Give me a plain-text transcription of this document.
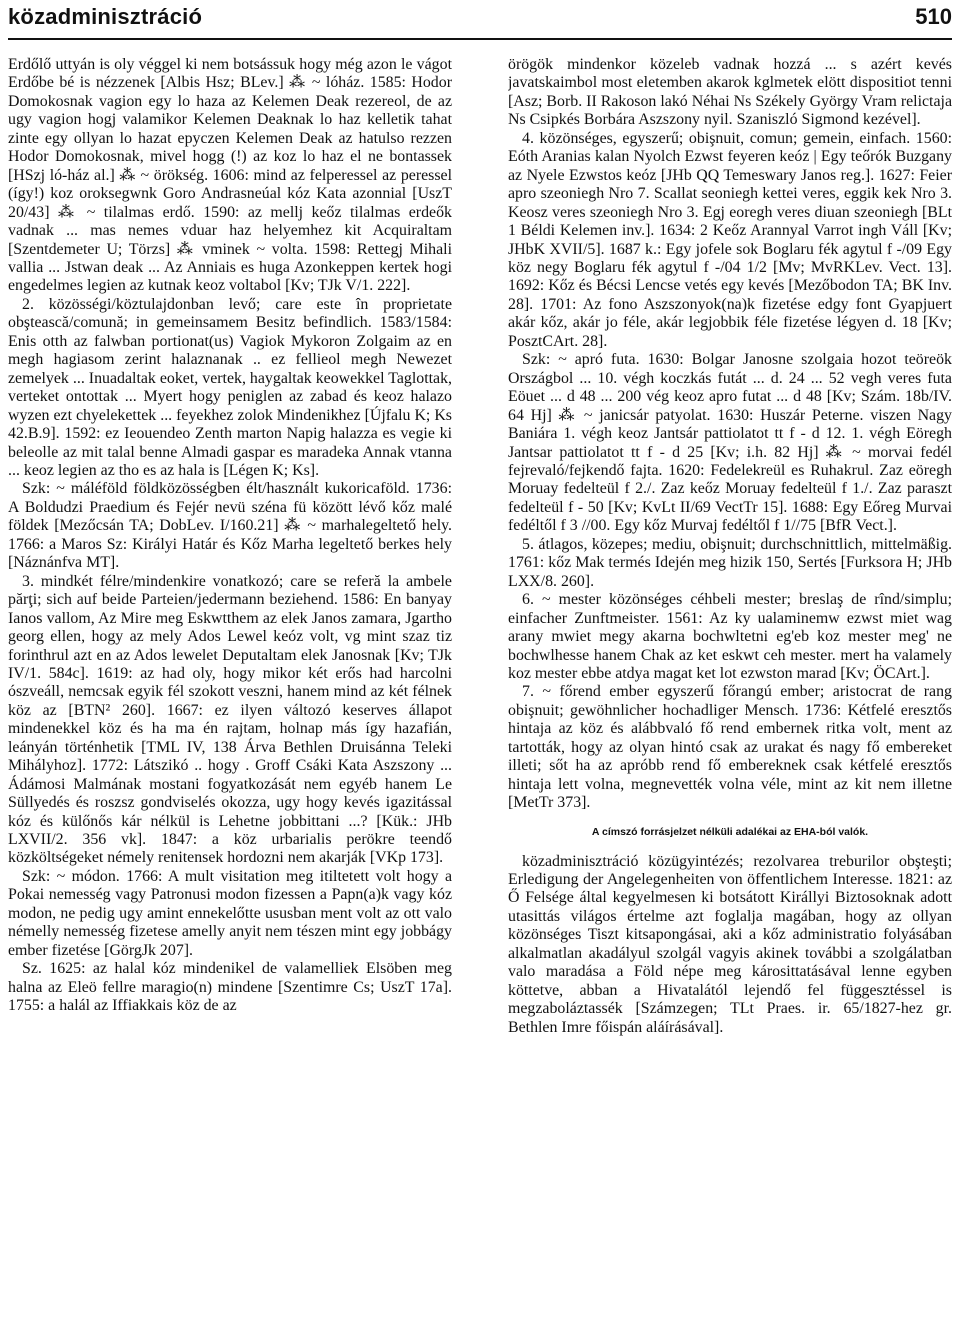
közadminisztráció	510

Erdőlő uttyán is oly véggel ki nem botsássuk hogy még azon le vágot Erdőbe bé is nézzenek [Albis Hsz; BLev.] ⁂ ~ lóház. 1585: Hodor Domokosnak vagion egy lo haza az Kelemen Deak rezereol, de az ugy vagion hogj valamikor Kelemen Deaknak lo haz kelletik tahat zinte egy ollyan lo hazat epyczen Kelemen Deak az hatulso rezzen Hodor Domokosnak, mivel hogg (!) az koz lo haz el ne bontassek [HSzj ló-ház al.] ⁂ ~ örökség. 1606: mind az felperessel az peressel (így!) koz oroksegwnk Goro Andrasneúal kóz Kata azonnial [UszT 20/43] ⁂ ~ tilalmas erdő. 1590: az mellj keőz tilalmas erdeők vadnak ... mas nemes vduar haz helyemhez kit Acquiraltam [Szentdemeter U; Törzs] ⁂ vminek ~ volta. 1598: Rettegj Mihali vallia ... Jstwan deak ... Az Anniais es huga Azonkeppen kertek hogi engedelmes legien az kutnak keoz voltabol [Kv; TJk V/1. 222].

2. közösségi/köztulajdonban levő; care este în proprietate obştească/comună; in gemeinsamem Besitz befindlich. 1583/1584: Enis otth az falwban portionat(us) Vagiok Mykoron Zolgaim az en megh hagiasom zerint halaznanak .. ez fellieol megh Newezet zemelyek ... Inuadaltak eoket, vertek, haygaltak keowekkel Taglottak, verteket ontottak ... Myert hogy peniglen az zabad és keoz halazo wyzen ezt chyelekettek ... feyekhez zolok Mindenikhez [Újfalu K; Ks 42.B.9]. 1592: ez Ieouendeo Zenth marton Napig halazza es vegie ki beleolle az mit talal benne Almadi gaspar es maradeka Annak vtanna ... keoz legien az tho es az hala is [Légen K; Ks].

Szk: ~ máléföld földközösségben élt/használt kukoricaföld. 1736: A Boldudzi Praedium és Fejér nevü széna fü között lévő kőz malé földek [Mezőcsán TA; DobLev. I/160.21] ⁂ ~ marhalegeltető hely. 1766: a Maros Sz: Királyi Határ és Kőz Marha legeltető berkes hely [Náznánfva MT].

3. mindkét félre/mindenkire vonatkozó; care se referă la ambele părţi; sich auf beide Parteien/jedermann beziehend. 1586: En banyay Ianos vallom, Az Mire meg Eskwtthem az elek Janos zamara, Jgartho georg ellen, hogy az mely Ados Lewel keóz volt, vg mint szaz tiz forinthrul azt en az Ados lewelet Deputaltam elek Janosnak [Kv; TJk IV/1. 584c]. 1619: az had oly, hogy mikor két erős had harcolni ószveáll, nemcsak egyik fél szokott veszni, hanem mind az két félnek köz az [BTN² 260]. 1667: ez ilyen változó keserves állapot mindenekkel köz és ha ma én rajtam, holnap más így hazafián, leányán történhetik [TML IV, 138 Árva Bethlen Druisánna Teleki Mihályhoz]. 1772: Látszikó .. hogy . Groff Csáki Kata Aszszony ... Ádámosi Malmának mostani fogyatkozását nem egyéb hanem Le Süllyedés és roszsz gondviselés okozza, ugy hogy kevés igazitással kóz és külőnős kár nélkül is Lehetne jobbittani ...? [Kük.: JHb LXVII/2. 356 vk]. 1847: a köz urbarialis perökre teendő közköltségeket némely renitensek hordozni nem akarják [VKp 173].

Szk: ~ módon. 1766: A mult visitation meg itiltetett volt hogy a Pokai nemesség vagy Patronusi modon fizessen a Papn(a)k vagy kóz modon, ne pedig ugy amint ennekelőtte ususban ment volt az ott valo némelly nemesség fizetese amelly anyit nem tészen mint egy jobbágy ember fizetése [GörgJk 207].

Sz. 1625: az halal kóz mindenikel de valamelliek Elsöben meg halna az Eleö fellre maragio(n) mindene [Szentimre Cs; UszT 17a]. 1755: a halál az Iffiakkais köz de az

örögök mindenkor közeleb vadnak hozzá ... s azért kevés javatskaimbol most eletemben akarok kglmetek elött dispositiot tenni [Asz; Borb. II Rakoson lakó Néhai Ns Székely György Vram relictaja Ns Csipkés Borbára Aszszony nyil. Szaniszló Sigmond kezével].

4. közönséges, egyszerű; obişnuit, comun; gemein, einfach. 1560: Eóth Aranias kalan Nyolch Ezwst feyeren keóz | Egy teőrók Buzgany az Nyele Ezwstos keóz [JHb QQ Temeswary Janos reg.]. 1627: Feier apro szeoniegh Nro 7. Scallat seoniegh kettei veres, eggik kek Nro 3. Keosz veres szeoniegh Nro 3. Egj eoregh veres diuan szeoniegh [BLt 1 Béldi Kelemen inv.]. 1634: 2 Keőz Arannyal Varrot ingh Váll [Kv; JHbK XVII/5]. 1687 k.: Egy jofele sok Boglaru fék agytul f -/09 Egy köz negy Boglaru fék agytul f -/04 1/2 [Mv; MvRKLev. Vect. 13]. 1692: Kőz és Bécsi Lencse vetés egy kevés [Mezőbodon TA; BK Inv. 28]. 1701: Az fono Aszszonyok(na)k fizetése edgy font Gyapjuert akár kőz, akár jo féle, akár legjobbik féle fizetése légyen d. 18 [Kv; PosztCArt. 28].

Szk: ~ apró futa. 1630: Bolgar Janosne szolgaia hozot teöreök Országbol ... 10. végh koczkás futát ... d. 24 ... 52 vegh veres futa Eöuet ... d 48 ... 200 vég keoz apro futat ... d 48 [Kv; Szám. 18b/IV. 64 Hj] ⁂ ~ janicsár patyolat. 1630: Huszár Peterne. viszen Nagy Baniára 1. végh keoz Jantsár pattiolatot tt f - d 12. 1. végh Eöregh Jantsar pattiolatot tt f - d 25 [Kv; i.h. 82 Hj] ⁂ ~ morvai fedél fejrevaló/fejkendő fajta. 1620: Fedelekreül es Ruhakrul. Zaz eöregh Moruay fedelteül f 2./. Zaz keőz Moruay fedelteül f 1./. Zaz paraszt fedelteül f - 50 [Kv; KvLt II/69 VectTr 15]. 1688: Egy Eőreg Murvai fedéltől f 3 //00. Egy kőz Murvaj fedéltől f 1//75 [BfR Vect.].

5. átlagos, közepes; mediu, obişnuit; durchschnittlich, mittelmäßig. 1761: kőz Mak termés Idején meg hizik 150, Sertés [Furksora H; JHb LXX/8. 260].

6. ~ mester közönséges céhbeli mester; breslaş de rînd/simplu; einfacher Zunftmeister. 1561: Az ky ualaminemw ezwst miet wag arany mwiet megy akarna bochwltetni eg'eb koz mester meg' ne bochwlhesse hanem Chak az ket eskwt ceh mester. mert ha valamely koz mester ebbe atdya magat ket lot ezwston marad [Kv; ÖCArt.].

7. ~ főrend ember egyszerű főrangú ember; aristocrat de rang obişnuit; gewöhnlicher hochadliger Mensch. 1736: Kétfelé eresztős hintaja az köz és alábbvaló fő rend embernek ritka volt, ment az tartották, hogy az olyan hintó csak az urakat és nagy fő embereket illeti; sőt ha az apróbb rend fő embereknek csak kétfelé eresztős hintaja lett volna, megnevették volna véle, mint az kit nem illetne [MetTr 373].

A címszó forrásjelzet nélküli adalékai az EHA-ból valók.

közadminisztráció közügyintézés; rezolvarea treburilor obşteşti; Erledigung der Angelegenheiten von öffentlichem Interesse. 1821: az Ő Felsége által kegyelmesen ki botsátott Királlyi Biztosoknak adott utasittás világos értelme azt foglalja magában, hogy az ollyan közönséges Tiszt kitsapongásai, aki a kőz administratio folyásában alkalmatlan akadályul szolgál vagyis akinek további a szolgálatban valo maradása a Föld népe meg károsittatásával lenne egyben köttetve, abban a Hivatalától lejendő fel függesztéssel is megzaboláztassék [Számzegen; TLt Praes. ir. 65/1827-hez gr. Bethlen Imre főispán aláírásával].
